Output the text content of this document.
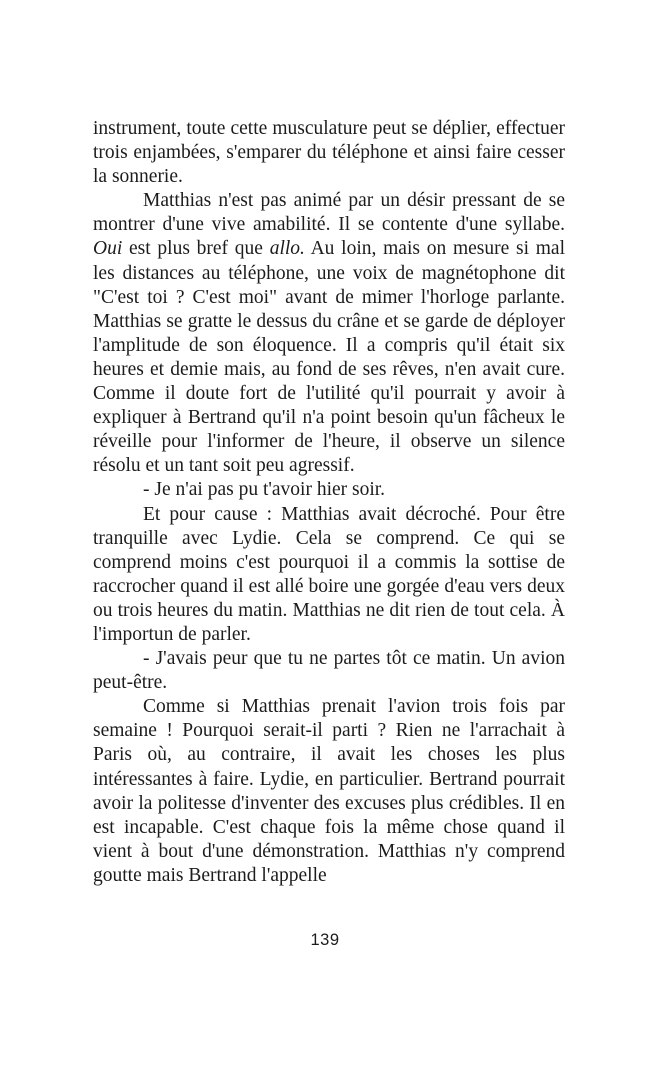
instrument, toute cette musculature peut se déplier, effectuer trois enjambées, s'emparer du téléphone et ainsi faire cesser la sonnerie.

Matthias n'est pas animé par un désir pressant de se montrer d'une vive amabilité. Il se contente d'une syllabe. Oui est plus bref que allo. Au loin, mais on mesure si mal les distances au téléphone, une voix de magnétophone dit "C'est toi ? C'est moi" avant de mimer l'horloge parlante. Matthias se gratte le dessus du crâne et se garde de déployer l'amplitude de son éloquence. Il a compris qu'il était six heures et demie mais, au fond de ses rêves, n'en avait cure. Comme il doute fort de l'utilité qu'il pourrait y avoir à expliquer à Bertrand qu'il n'a point besoin qu'un fâcheux le réveille pour l'informer de l'heure, il observe un silence résolu et un tant soit peu agressif.

- Je n'ai pas pu t'avoir hier soir.

Et pour cause : Matthias avait décroché. Pour être tranquille avec Lydie. Cela se comprend. Ce qui se comprend moins c'est pourquoi il a commis la sottise de raccrocher quand il est allé boire une gorgée d'eau vers deux ou trois heures du matin. Matthias ne dit rien de tout cela. À l'importun de parler.

- J'avais peur que tu ne partes tôt ce matin. Un avion peut-être.

Comme si Matthias prenait l'avion trois fois par semaine ! Pourquoi serait-il parti ? Rien ne l'arrachait à Paris où, au contraire, il avait les choses les plus intéressantes à faire. Lydie, en particulier. Bertrand pourrait avoir la politesse d'inventer des excuses plus crédibles. Il en est incapable. C'est chaque fois la même chose quand il vient à bout d'une démonstration. Matthias n'y comprend goutte mais Bertrand l'appelle

139
